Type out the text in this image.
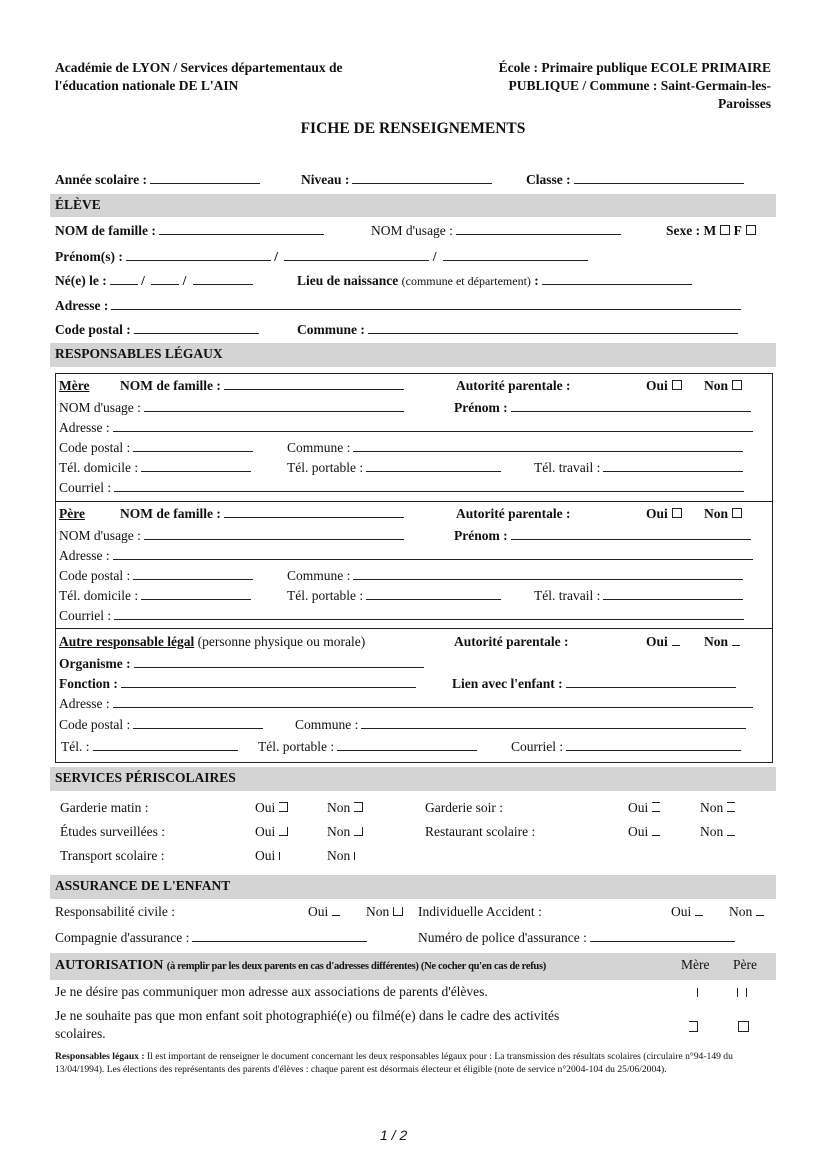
Académie de LYON / Services départementaux de
l'éducation nationale DE L'AIN
École : Primaire publique ECOLE PRIMAIRE
PUBLIQUE / Commune : Saint-Germain-les-
Paroisses
FICHE DE RENSEIGNEMENTS
Année scolaire :	Niveau :	Classe :
ÉLÈVE
NOM de famille :	NOM d'usage :	Sexe : M F
Prénom(s) :	/	/
Né(e) le : /  /	Lieu de naissance (commune et département) :
Adresse :
Code postal :	Commune :
RESPONSABLES LÉGAUX
Mère NOM de famille :	Autorité parentale :	Oui	Non
NOM d'usage :	Prénom :
Adresse :
Code postal :	Commune :
Tél. domicile :	Tél. portable :	Tél. travail :
Courriel :
Père	NOM de famille :	Autorité parentale :	Oui	Non
NOM d'usage :	Prénom :
Adresse :
Code postal :	Commune :
Tél. domicile :	Tél. portable :	Tél. travail :
Courriel :
Autre responsable légal (personne physique ou morale)	Autorité parentale :	Oui	Non
Organisme :
Fonction :	Lien avec l'enfant :
Adresse :
Code postal :	Commune :
Tél. :	Tél. portable :	Courriel :
SERVICES PÉRISCOLAIRES
Garderie matin :	Oui	Non	Garderie soir :	Oui	Non
Études surveillées :	Oui	Non	Restaurant scolaire :	Oui	Non
Transport scolaire :	Oui	Non
ASSURANCE DE L'ENFANT
Responsabilité civile :	Oui	Non	Individuelle Accident :	Oui	Non
Compagnie d'assurance :	Numéro de police d'assurance :
AUTORISATION (à remplir par les deux parents en cas d'adresses différentes) (Ne cocher qu'en cas de refus)	Mère Père
Je ne désire pas communiquer mon adresse aux associations de parents d'élèves.
Je ne souhaite pas que mon enfant soit photographié(e) ou filmé(e) dans le cadre des activités
scolaires.
Responsables légaux : Il est important de renseigner le document concernant les deux responsables légaux pour : La transmission des résultats scolaires (circulaire n°94-149 du 13/04/1994). Les élections des représentants des parents d'élèves : chaque parent est désormais électeur et éligible (note de service n°2004-104 du 25/06/2004).
1 / 2
